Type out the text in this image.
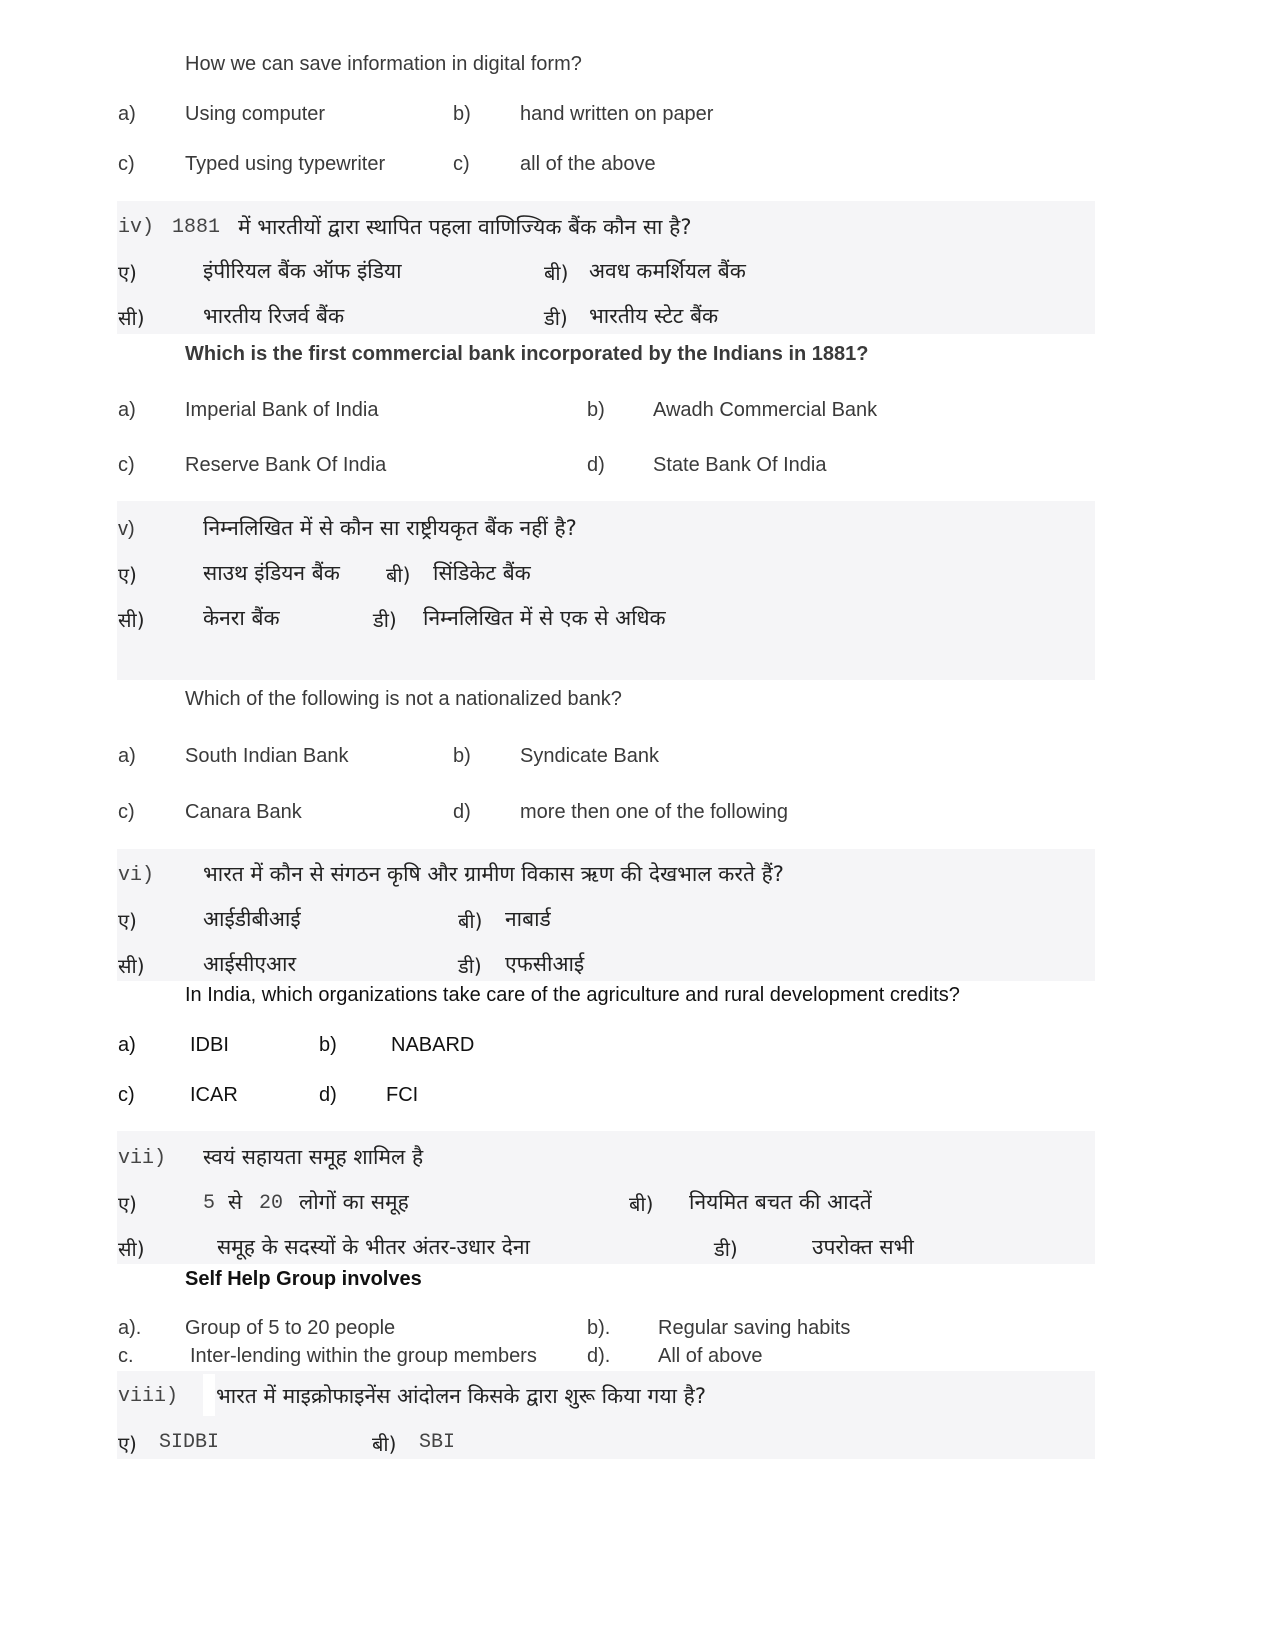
How we can save information in digital form?
a) Using computer	b) hand written on paper
c)	Typed using typewriter	c)	all of the above
iv) 1881 में भारतीयों द्वारा स्थापित पहला वाणिज्यिक बैंक कौन सा है?
ए)	इंपीरियल बैंक ऑफ इंडिया	बी) अवध कमर्शियल बैंक
सी)	भारतीय रिजर्व बैंक	डी) भारतीय स्टेट बैंक
Which is the first commercial bank incorporated by the Indians in 1881?
a) Imperial Bank of India	b) Awadh Commercial Bank
c)	Reserve Bank Of India	d) State Bank Of India
v)	निम्नलिखित में से कौन सा राष्ट्रीयकृत बैंक नहीं है?
ए)	साउथ इंडियन बैंक बी) सिंडिकेट बैंक
सी)	केनरा बैंक	डी) निम्नलिखित में से एक से अधिक
Which of the following is not a nationalized bank?
a) South Indian Bank	b) Syndicate Bank
c)	Canara Bank	d) more then one of the following
vi) भारत में कौन से संगठन कृषि और ग्रामीण विकास ऋण की देखभाल करते हैं?
ए)	आईडीबीआई	बी) नाबार्ड
सी)	आईसीएआर	डी) एफसीआई
In India, which organizations take care of the agriculture and rural development credits?
a)	IDBI	b)	NABARD
c)	ICAR	d) FCI
vii) स्वयं सहायता समूह शामिल है
ए)	5 से 20 लोगों का समूह	बी) नियमित बचत की आदतें
सी)	समूह के सदस्यों के भीतर अंतर-उधार देना	डी)	उपरोक्त सभी
Self Help Group involves
a). Group of 5 to 20 people	b). Regular saving habits
c.	Inter-lending within the group members	d). All of above
viii) भारत में माइक्रोफाइनेंस आंदोलन किसके द्वारा शुरू किया गया है?
ए) SIDBI	बी) SBI
